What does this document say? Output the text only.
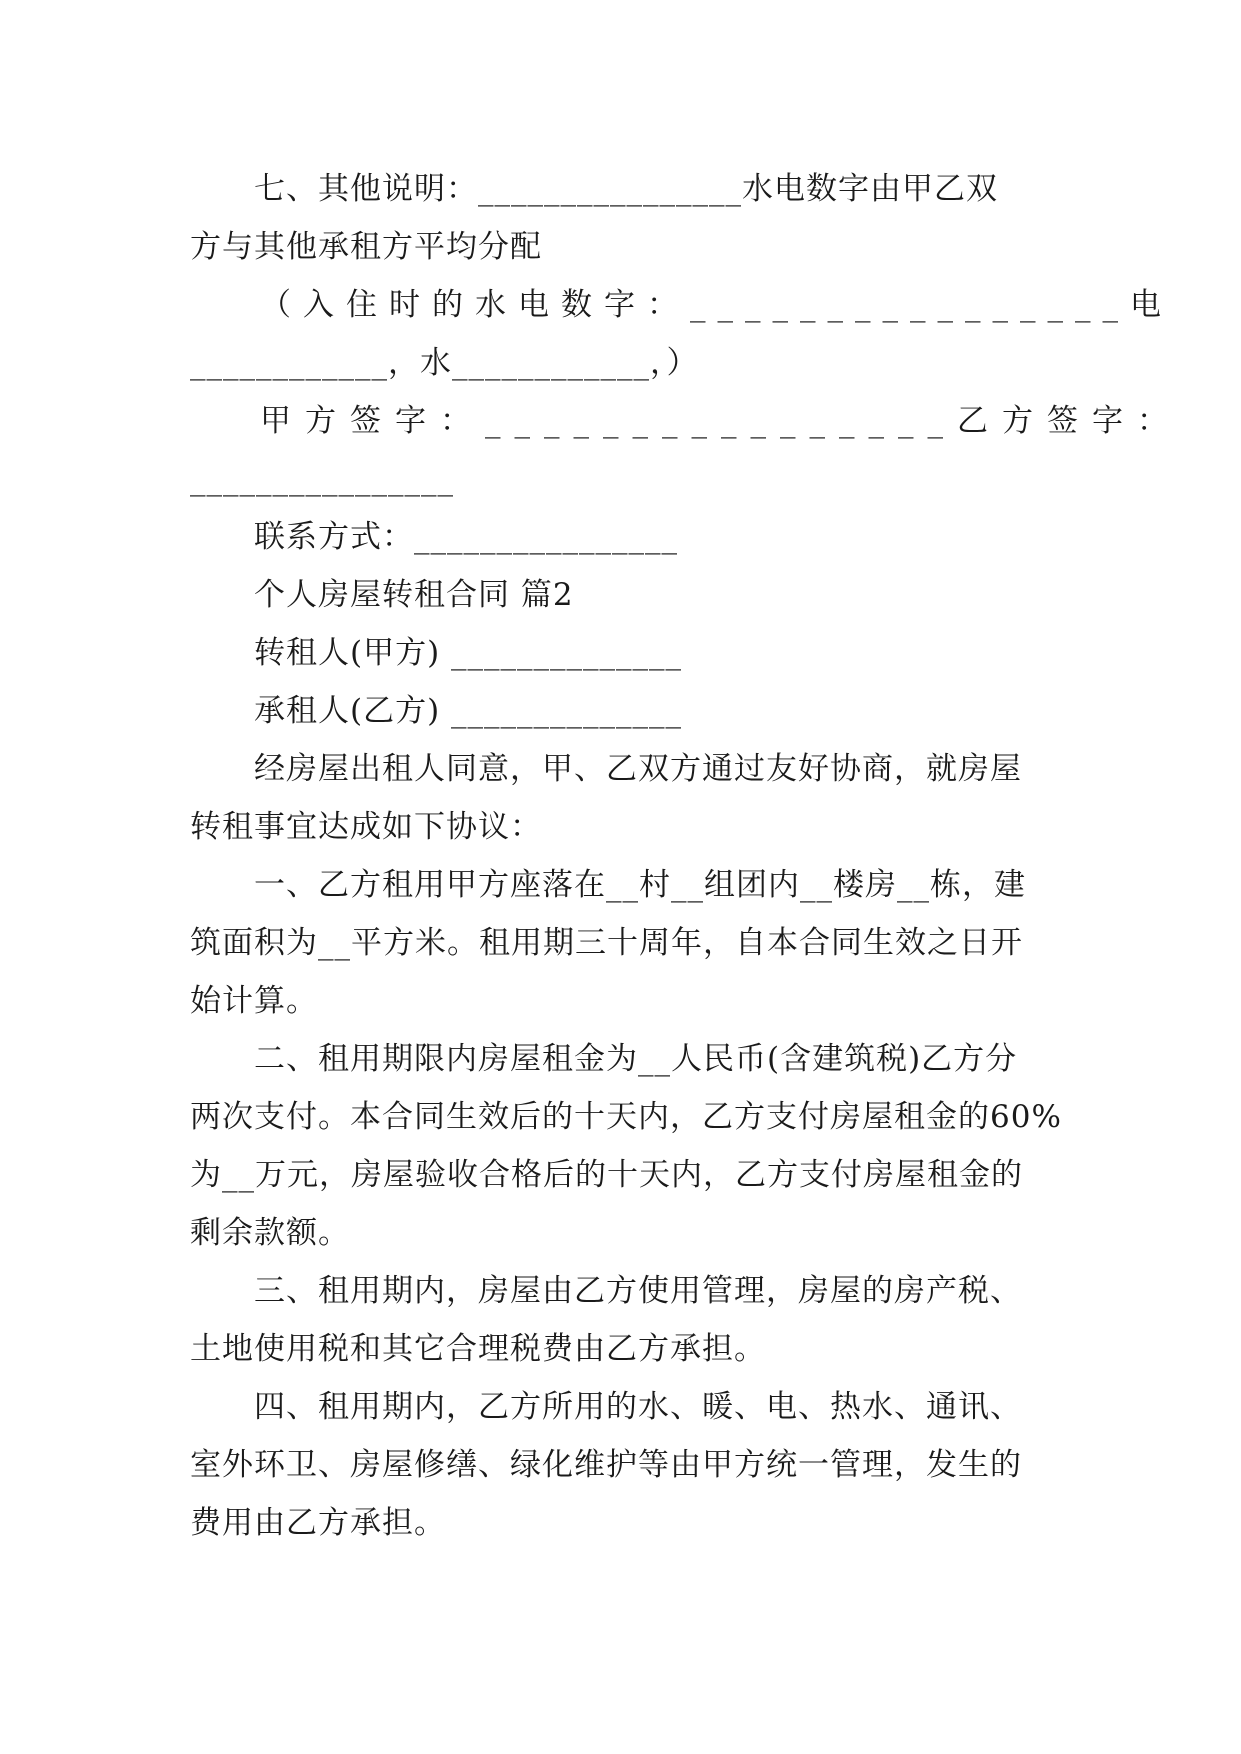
七、其他说明：________________水电数字由甲乙双
方与其他承租方平均分配
（入住时的水电数字：________________ 电
____________，水____________，）
甲方签字：________________ 乙方签字：
________________
联系方式：________________
个人房屋转租合同 篇2
转租人(甲方) ______________
承租人(乙方) ______________
经房屋出租人同意，甲、乙双方通过友好协商，就房屋
转租事宜达成如下协议：
一、乙方租用甲方座落在__村__组团内__楼房__栋，建
筑面积为__平方米。租用期三十周年，自本合同生效之日开
始计算。
二、租用期限内房屋租金为__人民币(含建筑税)乙方分
两次支付。本合同生效后的十天内，乙方支付房屋租金的60%
为__万元，房屋验收合格后的十天内，乙方支付房屋租金的
剩余款额。
三、租用期内，房屋由乙方使用管理，房屋的房产税、
土地使用税和其它合理税费由乙方承担。
四、租用期内，乙方所用的水、暖、电、热水、通讯、
室外环卫、房屋修缮、绿化维护等由甲方统一管理，发生的
费用由乙方承担。
